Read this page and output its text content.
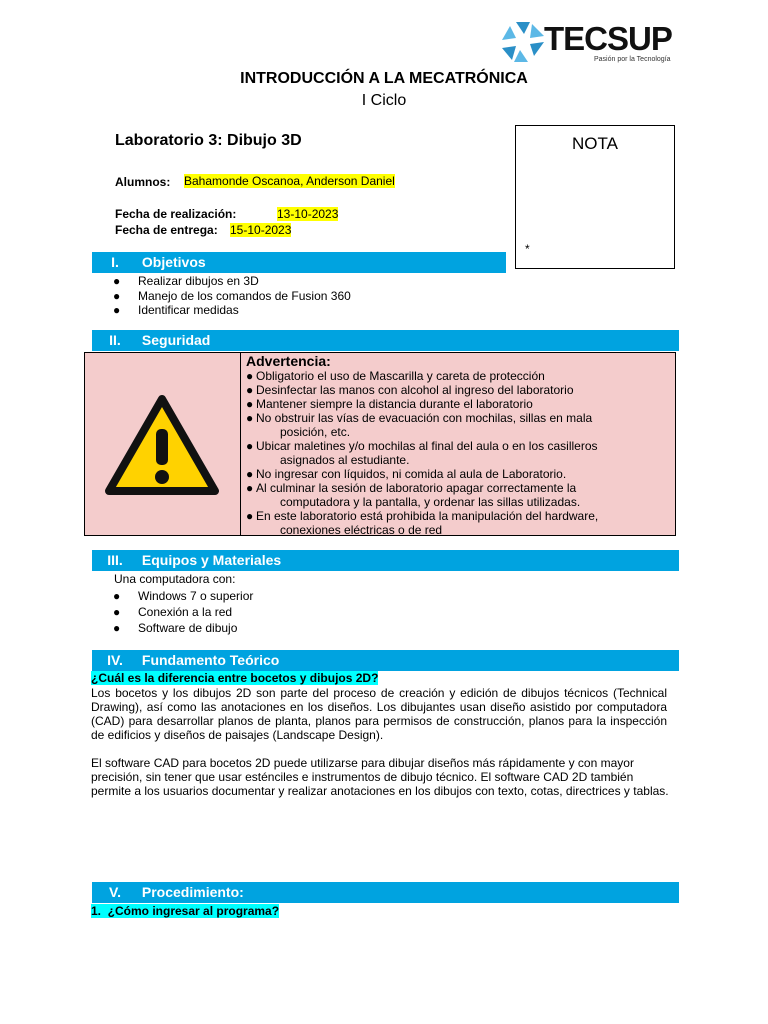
TECSUP
Pasión por la Tecnología
INTRODUCCIÓN A LA MECATRÓNICA
I Ciclo
Laboratorio 3: Dibujo 3D
Alumnos: Bahamonde Oscanoa, Anderson Daniel
Fecha de realización:	13-10-2023
Fecha de entrega: 15-10-2023
NOTA
*
I. Objetivos
● Realizar dibujos en 3D
● Manejo de los comandos de Fusion 360
● Identificar medidas
II. Seguridad
Advertencia:
● Obligatorio el uso de Mascarilla y careta de protección
● Desinfectar las manos con alcohol al ingreso del laboratorio
● Mantener siempre la distancia durante el laboratorio
● No obstruir las vías de evacuación con mochilas, sillas en mala
posición, etc.
● Ubicar maletines y/o mochilas al final del aula o en los casilleros
asignados al estudiante.
● No ingresar con líquidos, ni comida al aula de Laboratorio.
● Al culminar la sesión de laboratorio apagar correctamente la
computadora y la pantalla, y ordenar las sillas utilizadas.
● En este laboratorio está prohibida la manipulación del hardware,
conexiones eléctricas o de red
III. Equipos y Materiales
Una computadora con:
● Windows 7 o superior
● Conexión a la red
● Software de dibujo
IV. Fundamento Teórico
¿Cuál es la diferencia entre bocetos y dibujos 2D?
Los bocetos y los dibujos 2D son parte del proceso de creación y edición de dibujos técnicos (Technical Drawing), así como las anotaciones en los diseños. Los dibujantes usan diseño asistido por computadora (CAD) para desarrollar planos de planta, planos para permisos de construcción, planos para la inspección de edificios y diseños de paisajes (Landscape Design).
El software CAD para bocetos 2D puede utilizarse para dibujar diseños más rápidamente y con mayor precisión, sin tener que usar esténciles e instrumentos de dibujo técnico. El software CAD 2D también permite a los usuarios documentar y realizar anotaciones en los dibujos con texto, cotas, directrices y tablas.
V. Procedimiento:
1.  ¿Cómo ingresar al programa?
